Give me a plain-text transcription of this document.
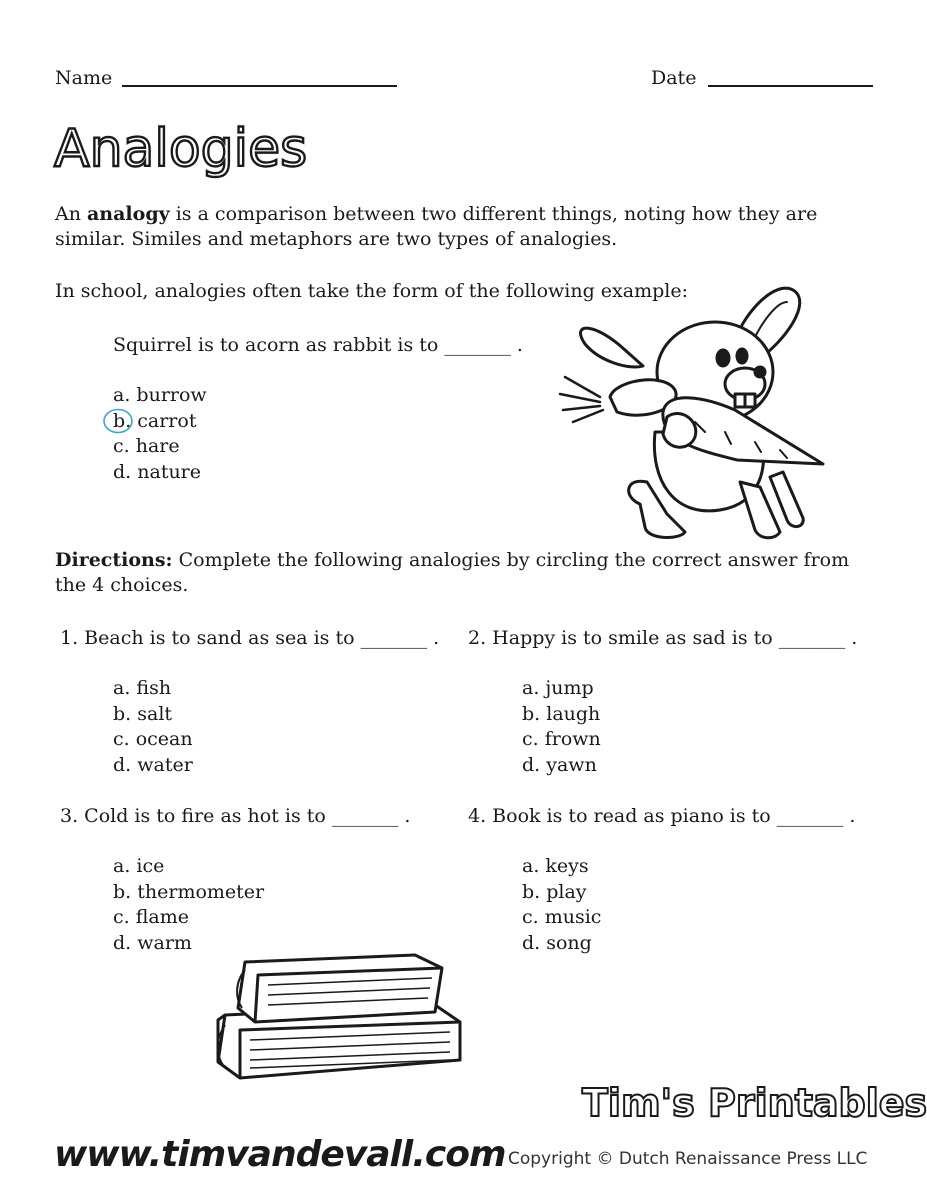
Name	Date
Analogies
An analogy is a comparison between two different things, noting how they are
similar. Similes and metaphors are two types of analogies.
In school, analogies often take the form of the following example:
Squirrel is to acorn as rabbit is to _______ .
a. burrow
b. carrot
c. hare
d. nature
Directions: Complete the following analogies by circling the correct answer from
the 4 choices.
1. Beach is to sand as sea is to _______ .
a. fish
b. salt
c. ocean
d. water
2. Happy is to smile as sad is to _______ .
a. jump
b. laugh
c. frown
d. yawn
3. Cold is to fire as hot is to _______ .
a. ice
b. thermometer
c. flame
d. warm
4. Book is to read as piano is to _______ .
a. keys
b. play
c. music
d. song
Tim's Printables
www.timvandevall.com Copyright © Dutch Renaissance Press LLC
